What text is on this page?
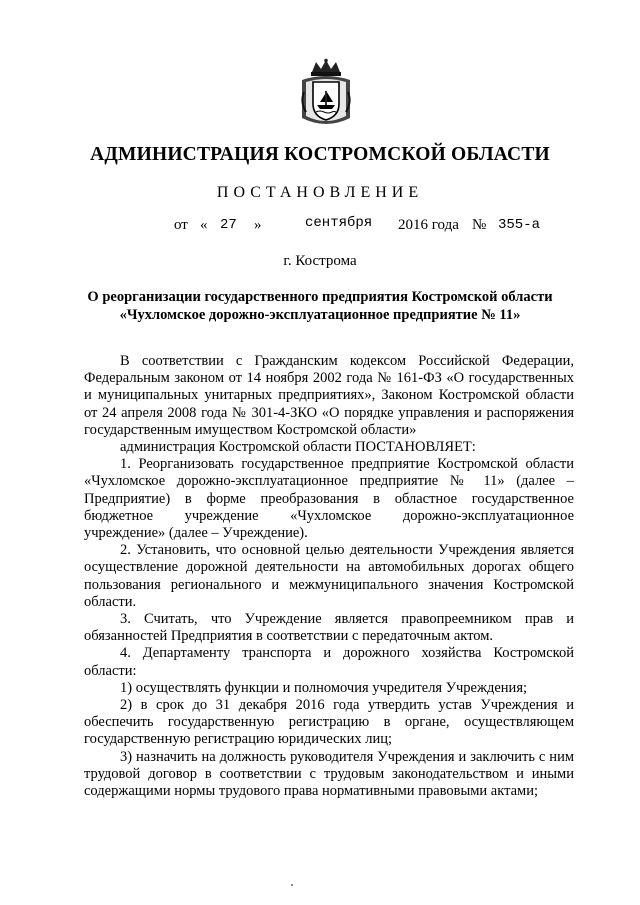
АДМИНИСТРАЦИЯ КОСТРОМСКОЙ ОБЛАСТИ
ПОСТАНОВЛЕНИЕ
от « 27 »	сентября 2016 года № 355-а
г. Кострома
О реорганизации государственного предприятия Костромской области
«Чухломское дорожно-эксплуатационное предприятие № 11»

В соответствии с Гражданским кодексом Российской Федерации, Федеральным законом от 14 ноября 2002 года № 161-ФЗ «О государственных и муниципальных унитарных предприятиях», Законом Костромской области от 24 апреля 2008 года № 301-4-ЗКО «О порядке управления и распоряжения государственным имуществом Костромской области»

администрация Костромской области ПОСТАНОВЛЯЕТ:

1. Реорганизовать государственное предприятие Костромской области «Чухломское дорожно-эксплуатационное предприятие № 11» (далее – Предприятие) в форме преобразования в областное государственное бюджетное учреждение «Чухломское дорожно-эксплуатационное учреждение» (далее – Учреждение).

2. Установить, что основной целью деятельности Учреждения является осуществление дорожной деятельности на автомобильных дорогах общего пользования регионального и межмуниципального значения Костромской области.

3. Считать, что Учреждение является правопреемником прав и обязанностей Предприятия в соответствии с передаточным актом.

4. Департаменту транспорта и дорожного хозяйства Костромской области:

1) осуществлять функции и полномочия учредителя Учреждения;

2) в срок до 31 декабря 2016 года утвердить устав Учреждения и обеспечить государственную регистрацию в органе, осуществляющем государственную регистрацию юридических лиц;

3) назначить на должность руководителя Учреждения и заключить с ним трудовой договор в соответствии с трудовым законодательством и иными содержащими нормы трудового права нормативными правовыми актами;
